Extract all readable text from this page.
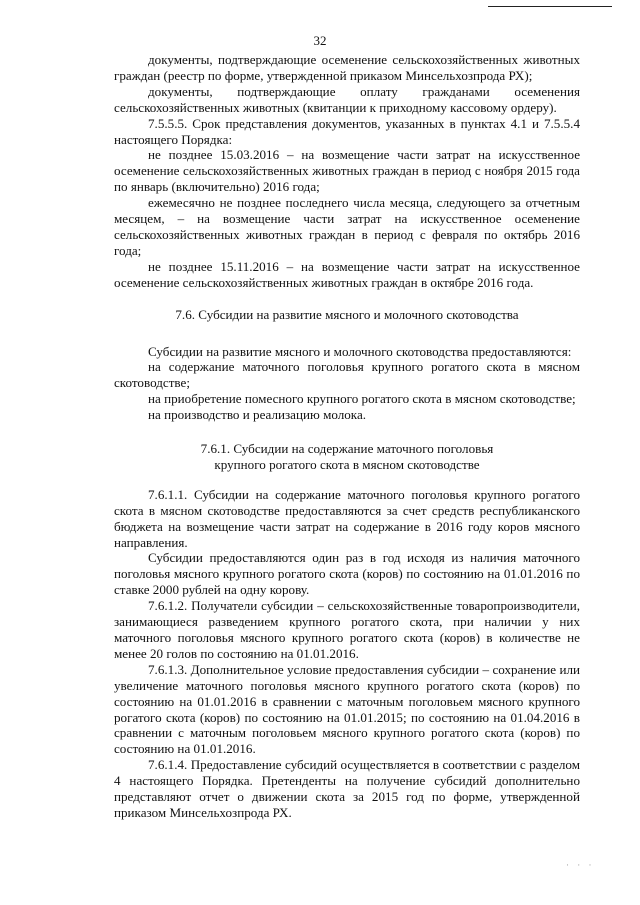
32

документы, подтверждающие осеменение сельскохозяйственных животных граждан (реестр по форме, утвержденной приказом Минсельхозпрода РХ);

документы, подтверждающие оплату гражданами осеменения сельскохозяйственных животных (квитанции к приходному кассовому ордеру).

7.5.5.5. Срок представления документов, указанных в пунктах 4.1 и 7.5.5.4 настоящего Порядка:

не позднее 15.03.2016 – на возмещение части затрат на искусственное осеменение сельскохозяйственных животных граждан в период с ноября 2015 года по январь (включительно) 2016 года;

ежемесячно не позднее последнего числа месяца, следующего за отчетным месяцем, – на возмещение части затрат на искусственное осеменение сельскохозяйственных животных граждан в период с февраля по октябрь 2016 года;

не позднее 15.11.2016 – на возмещение части затрат на искусственное осеменение сельскохозяйственных животных граждан в октябре 2016 года.

7.6. Субсидии на развитие мясного и молочного скотоводства

Субсидии на развитие мясного и молочного скотоводства предоставляются:

на содержание маточного поголовья крупного рогатого скота в мясном скотоводстве;

на приобретение помесного крупного рогатого скота в мясном скотоводстве;

на производство и реализацию молока.

7.6.1. Субсидии на содержание маточного поголовья
крупного рогатого скота в мясном скотоводстве

7.6.1.1. Субсидии на содержание маточного поголовья крупного рогатого скота в мясном скотоводстве предоставляются за счет средств республиканского бюджета на возмещение части затрат на содержание в 2016 году коров мясного направления.

Субсидии предоставляются один раз в год исходя из наличия маточного поголовья мясного крупного рогатого скота (коров) по состоянию на 01.01.2016 по ставке 2000 рублей на одну корову.

7.6.1.2. Получатели субсидии – сельскохозяйственные товаропроизводители, занимающиеся разведением крупного рогатого скота, при наличии у них маточного поголовья мясного крупного рогатого скота (коров) в количестве не менее 20 голов по состоянию на 01.01.2016.

7.6.1.3. Дополнительное условие предоставления субсидии – сохранение или увеличение маточного поголовья мясного крупного рогатого скота (коров) по состоянию на 01.01.2016 в сравнении с маточным поголовьем мясного крупного рогатого скота (коров) по состоянию на 01.01.2015; по состоянию на 01.04.2016 в сравнении с маточным поголовьем мясного крупного рогатого скота (коров) по состоянию на 01.01.2016.

7.6.1.4. Предоставление субсидий осуществляется в соответствии с разделом 4 настоящего Порядка. Претенденты на получение субсидий дополнительно представляют отчет о движении скота за 2015 год по форме, утвержденной приказом Минсельхозпрода РХ.

· · ·
